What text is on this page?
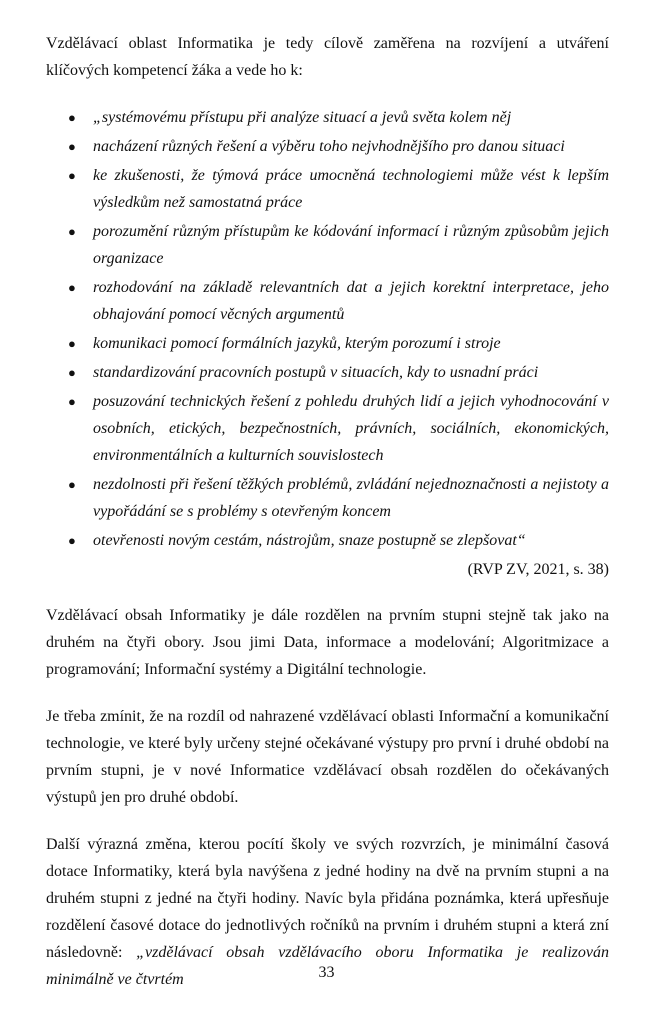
Vzdělávací oblast Informatika je tedy cílově zaměřena na rozvíjení a utváření klíčových kompetencí žáka a vede ho k:

● „systémovému přístupu při analýze situací a jevů světa kolem něj
● nacházení různých řešení a výběru toho nejvhodnějšího pro danou situaci
● ke zkušenosti, že týmová práce umocněná technologiemi může vést k lepším výsledkům než samostatná práce
● porozumění různým přístupům ke kódování informací i různým způsobům jejich organizace
● rozhodování na základě relevantních dat a jejich korektní interpretace, jeho obhajování pomocí věcných argumentů
● komunikaci pomocí formálních jazyků, kterým porozumí i stroje
● standardizování pracovních postupů v situacích, kdy to usnadní práci
● posuzování technických řešení z pohledu druhých lidí a jejich vyhodnocování v osobních, etických, bezpečnostních, právních, sociálních, ekonomických, environmentálních a kulturních souvislostech
● nezdolnosti při řešení těžkých problémů, zvládání nejednoznačnosti a nejistoty a vypořádání se s problémy s otevřeným koncem
● otevřenosti novým cestám, nástrojům, snaze postupně se zlepšovat“

(RVP ZV, 2021, s. 38)

Vzdělávací obsah Informatiky je dále rozdělen na prvním stupni stejně tak jako na druhém na čtyři obory. Jsou jimi Data, informace a modelování; Algoritmizace a programování; Informační systémy a Digitální technologie.

Je třeba zmínit, že na rozdíl od nahrazené vzdělávací oblasti Informační a komunikační technologie, ve které byly určeny stejné očekávané výstupy pro první i druhé období na prvním stupni, je v nové Informatice vzdělávací obsah rozdělen do očekávaných výstupů jen pro druhé období.

Další výrazná změna, kterou pocítí školy ve svých rozvrzích, je minimální časová dotace Informatiky, která byla navýšena z jedné hodiny na dvě na prvním stupni a na druhém stupni z jedné na čtyři hodiny. Navíc byla přidána poznámka, která upřesňuje rozdělení časové dotace do jednotlivých ročníků na prvním i druhém stupni a která zní následovně: „vzdělávací obsah vzdělávacího oboru Informatika je realizován minimálně ve čtvrtém	33
